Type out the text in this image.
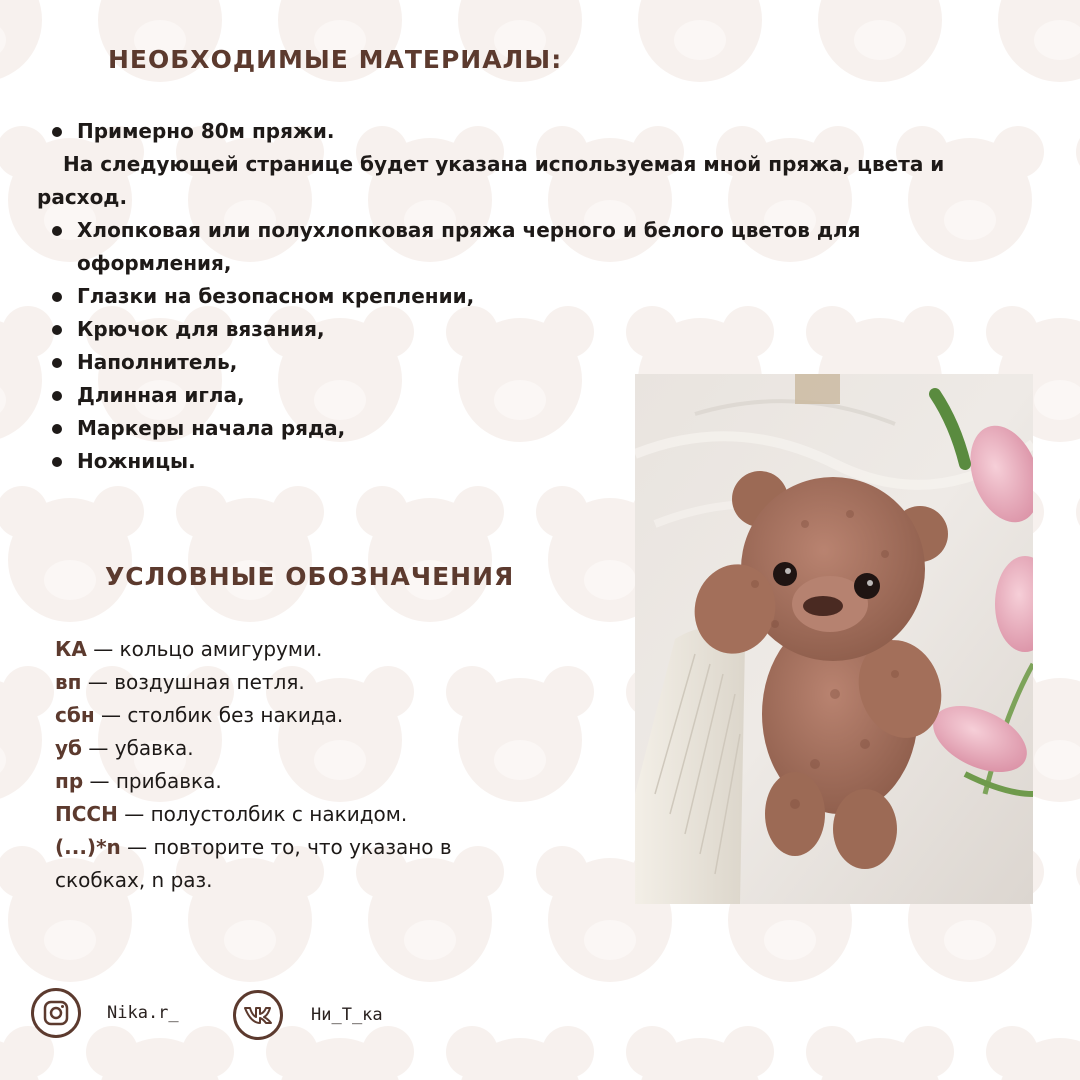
НЕОБХОДИМЫЕ МАТЕРИАЛЫ:
Примерно 80м пряжи.
На следующей странице будет указана используемая мной пряжа, цвета и
расход.
Хлопковая или полухлопковая пряжа черного и белого цветов для
оформления,
Глазки на безопасном креплении,
Крючок для вязания,
Наполнитель,
Длинная игла,
Маркеры начала ряда,
Ножницы.
УСЛОВНЫЕ ОБОЗНАЧЕНИЯ
КА — кольцо амигуруми.
вп — воздушная петля.
сбн — столбик без накида.
уб — убавка.
пр — прибавка.
ПССН — полустолбик с накидом.
(...)*n — повторите то, что указано в
скобках, n раз.
Nika.r_	Ни_Т_ка
